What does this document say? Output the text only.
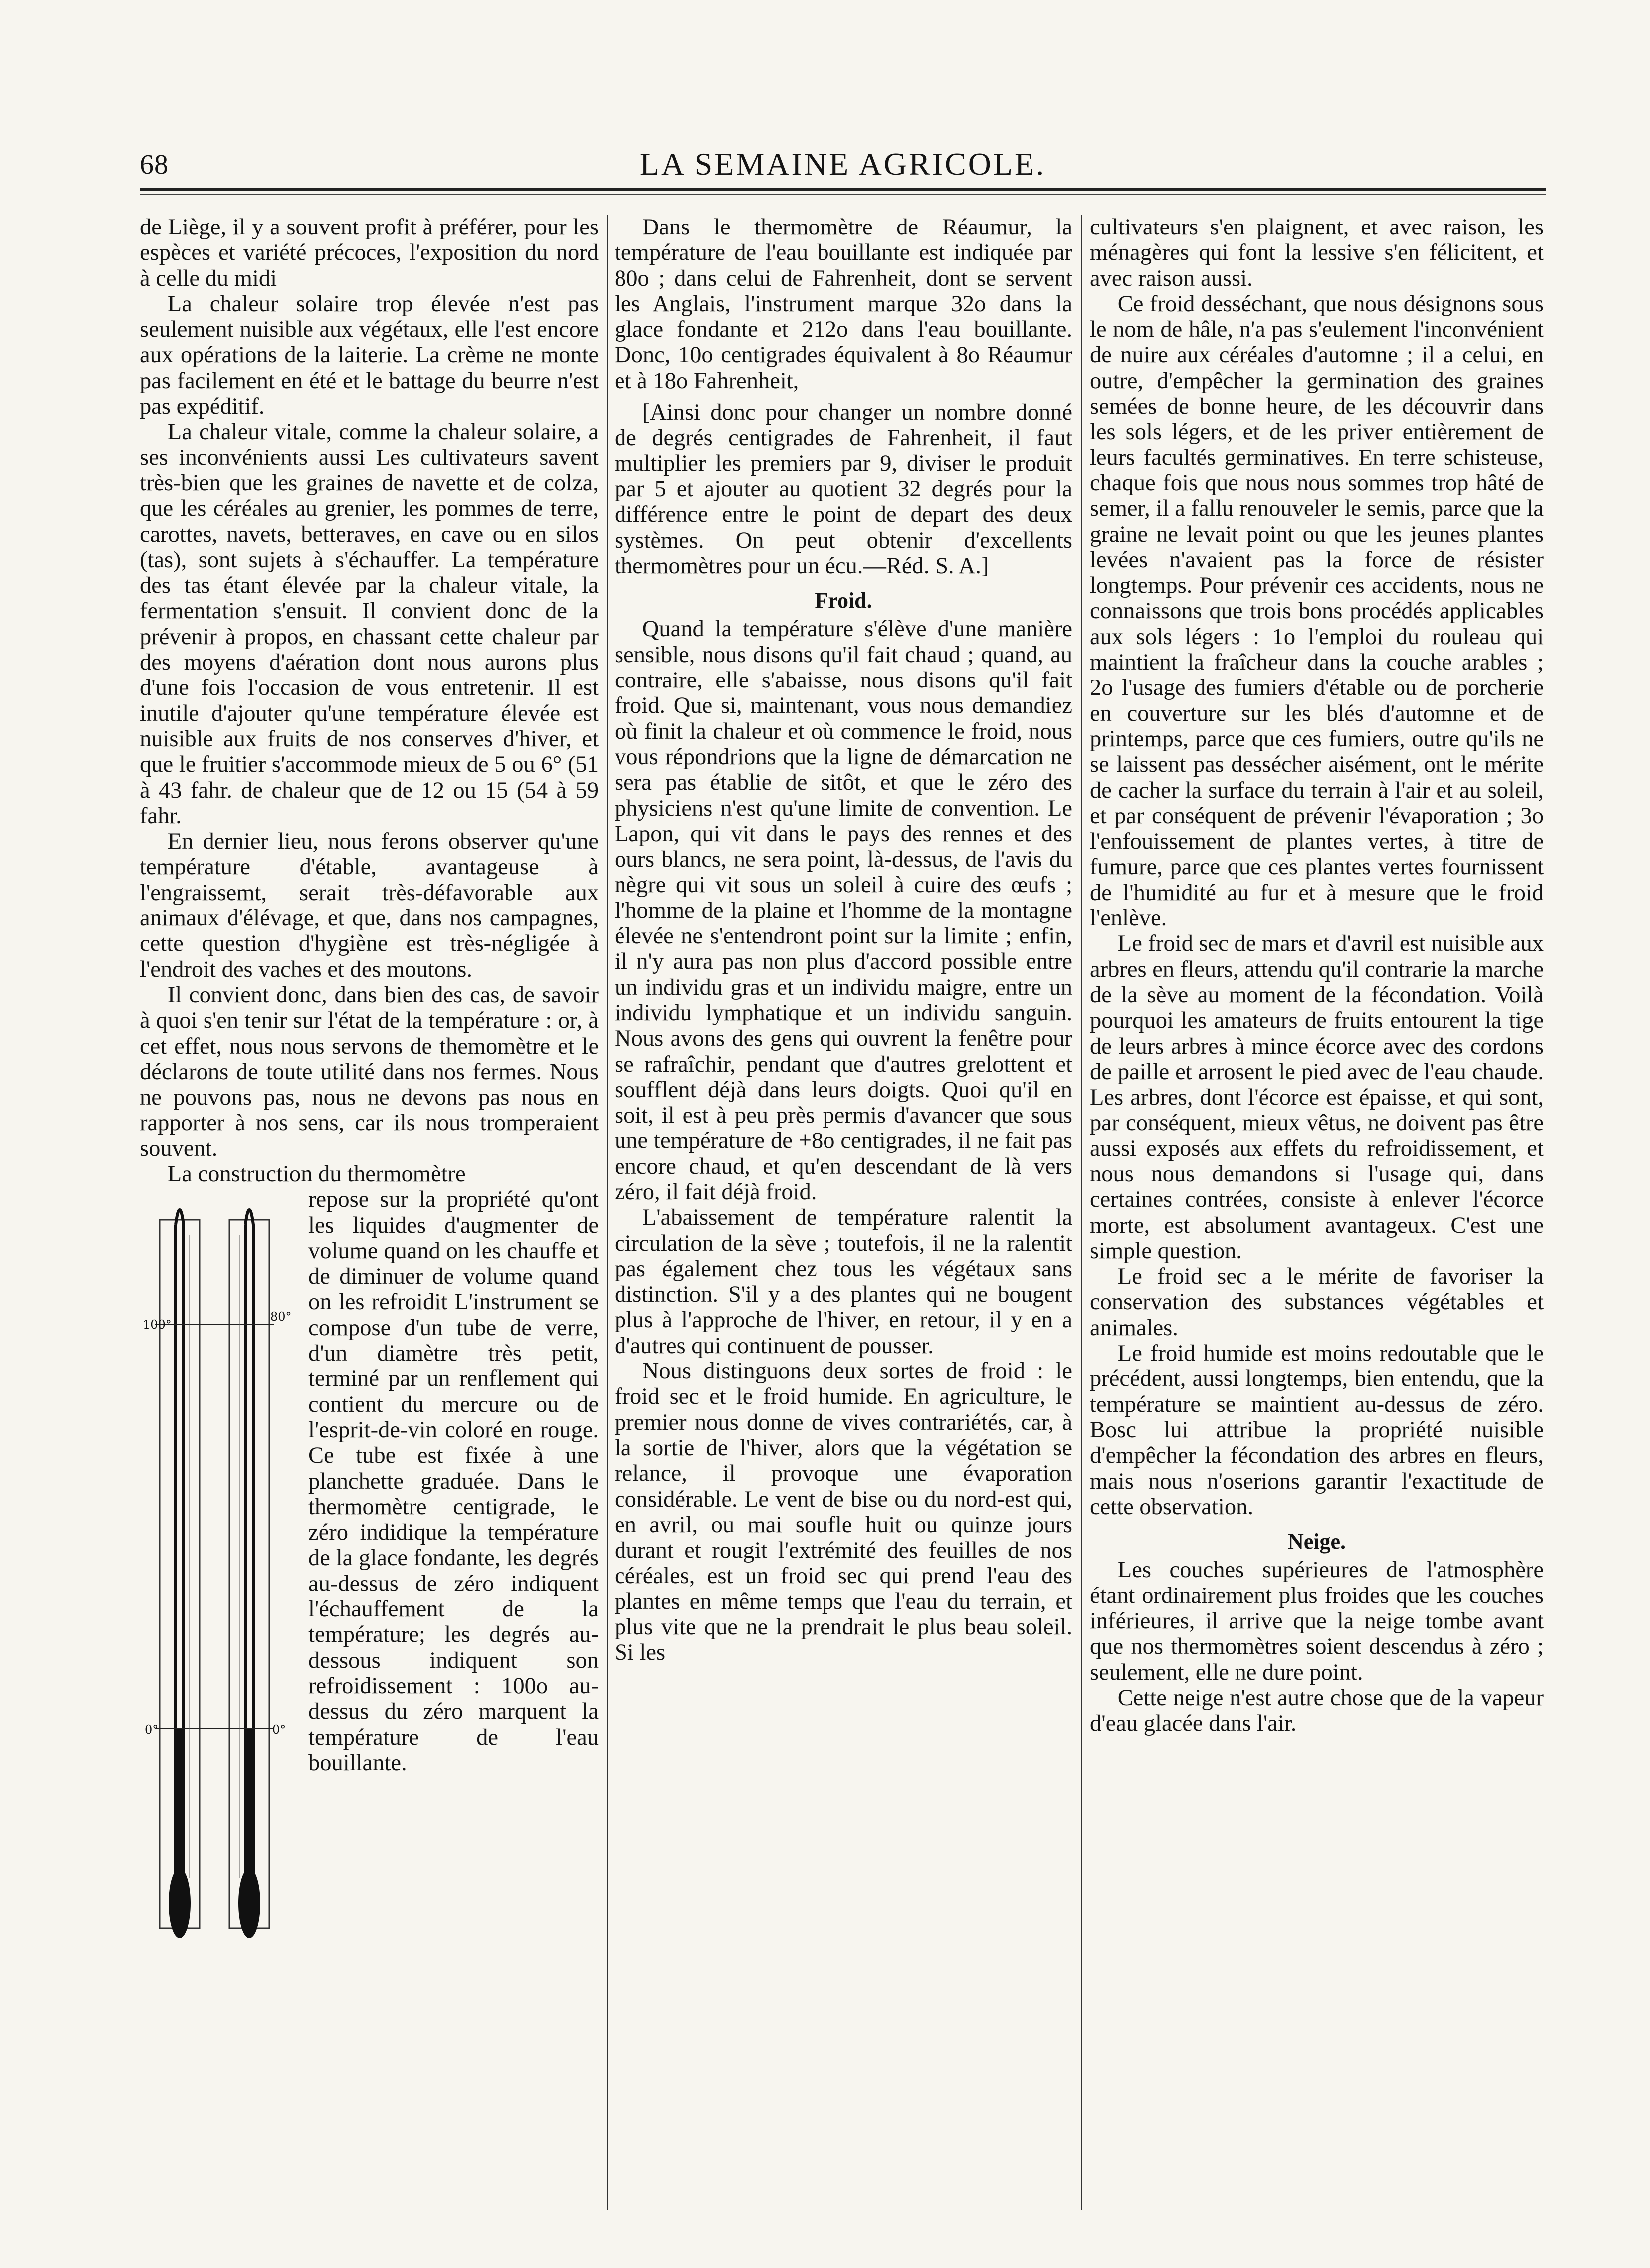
68	LA SEMAINE AGRICOLE.

de Liège, il y a souvent profit à préférer, pour les espèces et variété précoces, l'exposition du nord à celle du midi

La chaleur solaire trop élevée n'est pas seulement nuisible aux végétaux, elle l'est encore aux opérations de la laiterie. La crème ne monte pas facilement en été et le battage du beurre n'est pas expéditif.

La chaleur vitale, comme la chaleur solaire, a ses inconvénients aussi Les cultivateurs savent très-bien que les graines de navette et de colza, que les céréales au grenier, les pommes de terre, carottes, navets, betteraves, en cave ou en silos (tas), sont sujets à s'échauffer. La température des tas étant élevée par la chaleur vitale, la fermentation s'ensuit. Il convient donc de la prévenir à propos, en chassant cette chaleur par des moyens d'aération dont nous aurons plus d'une fois l'occasion de vous entretenir. Il est inutile d'ajouter qu'une température élevée est nuisible aux fruits de nos conserves d'hiver, et que le fruitier s'accommode mieux de 5 ou 6° (51 à 43 fahr. de chaleur que de 12 ou 15 (54 à 59 fahr.

En dernier lieu, nous ferons observer qu'une température d'étable, avantageuse à l'engraissemt, serait très-défavorable aux animaux d'élévage, et que, dans nos campagnes, cette question d'hygiène est très-négligée à l'endroit des vaches et des moutons.

Il convient donc, dans bien des cas, de savoir à quoi s'en tenir sur l'état de la température : or, à cet effet, nous nous servons de themomètre et le déclarons de toute utilité dans nos fermes. Nous ne pouvons pas, nous ne devons pas nous en rapporter à nos sens, car ils nous tromperaient souvent.

La construction du thermomètre

100°
80°
0°	0°

repose sur la propriété qu'ont les liquides d'augmenter de volume quand on les chauffe et de diminuer de volume quand on les refroidit L'instrument se compose d'un tube de verre, d'un diamètre très petit, terminé par un renflement qui contient du mercure ou de l'esprit-de-vin coloré en rouge. Ce tube est fixée à une planchette graduée. Dans le thermomètre centigrade, le zéro indidique la température de la glace fondante, les degrés au-dessus de zéro indiquent l'échauffement de la température; les degrés au-dessous indiquent son refroidissement : 100o au-dessus du zéro marquent la température de l'eau bouillante.

Dans le thermomètre de Réaumur, la température de l'eau bouillante est indiquée par 80o ; dans celui de Fahrenheit, dont se servent les Anglais, l'instrument marque 32o dans la glace fondante et 212o dans l'eau bouillante. Donc, 10o centigrades équivalent à 8o Réaumur et à 18o Fahrenheit,

[Ainsi donc pour changer un nombre donné de degrés centigrades de Fahrenheit, il faut multiplier les premiers par 9, diviser le produit par 5 et ajouter au quotient 32 degrés pour la différence entre le point de depart des deux systèmes. On peut obtenir d'excellents thermomètres pour un écu.—Réd. S. A.]

Froid.

Quand la température s'élève d'une manière sensible, nous disons qu'il fait chaud ; quand, au contraire, elle s'abaisse, nous disons qu'il fait froid. Que si, maintenant, vous nous demandiez où finit la chaleur et où commence le froid, nous vous répondrions que la ligne de démarcation ne sera pas établie de sitôt, et que le zéro des physiciens n'est qu'une limite de convention. Le Lapon, qui vit dans le pays des rennes et des ours blancs, ne sera point, là-dessus, de l'avis du nègre qui vit sous un soleil à cuire des œufs ; l'homme de la plaine et l'homme de la montagne élevée ne s'entendront point sur la limite ; enfin, il n'y aura pas non plus d'accord possible entre un individu gras et un individu maigre, entre un individu lymphatique et un individu sanguin. Nous avons des gens qui ouvrent la fenêtre pour se rafraîchir, pendant que d'autres grelottent et soufflent déjà dans leurs doigts. Quoi qu'il en soit, il est à peu près permis d'avancer que sous une température de +8o centigrades, il ne fait pas encore chaud, et qu'en descendant de là vers zéro, il fait déjà froid.

L'abaissement de température ralentit la circulation de la sève ; toutefois, il ne la ralentit pas également chez tous les végétaux sans distinction. S'il y a des plantes qui ne bougent plus à l'approche de l'hiver, en retour, il y en a d'autres qui continuent de pousser.

Nous distinguons deux sortes de froid : le froid sec et le froid humide. En agriculture, le premier nous donne de vives contrariétés, car, à la sortie de l'hiver, alors que la végétation se relance, il provoque une évaporation considérable. Le vent de bise ou du nord-est qui, en avril, ou mai soufle huit ou quinze jours durant et rougit l'extrémité des feuilles de nos céréales, est un froid sec qui prend l'eau des plantes en même temps que l'eau du terrain, et plus vite que ne la prendrait le plus beau soleil. Si les

cultivateurs s'en plaignent, et avec raison, les ménagères qui font la lessive s'en félicitent, et avec raison aussi.

Ce froid desséchant, que nous désignons sous le nom de hâle, n'a pas s'eulement l'inconvénient de nuire aux céréales d'automne ; il a celui, en outre, d'empêcher la germination des graines semées de bonne heure, de les découvrir dans les sols légers, et de les priver entièrement de leurs facultés germinatives. En terre schisteuse, chaque fois que nous nous sommes trop hâté de semer, il a fallu renouveler le semis, parce que la graine ne levait point ou que les jeunes plantes levées n'avaient pas la force de résister longtemps. Pour prévenir ces accidents, nous ne connaissons que trois bons procédés applicables aux sols légers : 1o l'emploi du rouleau qui maintient la fraîcheur dans la couche arables ; 2o l'usage des fumiers d'étable ou de porcherie en couverture sur les blés d'automne et de printemps, parce que ces fumiers, outre qu'ils ne se laissent pas dessécher aisément, ont le mérite de cacher la surface du terrain à l'air et au soleil, et par conséquent de prévenir l'évaporation ; 3o l'enfouissement de plantes vertes, à titre de fumure, parce que ces plantes vertes fournissent de l'humidité au fur et à mesure que le froid l'enlève.

Le froid sec de mars et d'avril est nuisible aux arbres en fleurs, attendu qu'il contrarie la marche de la sève au moment de la fécondation. Voilà pourquoi les amateurs de fruits entourent la tige de leurs arbres à mince écorce avec des cordons de paille et arrosent le pied avec de l'eau chaude. Les arbres, dont l'écorce est épaisse, et qui sont, par conséquent, mieux vêtus, ne doivent pas être aussi exposés aux effets du refroidissement, et nous nous demandons si l'usage qui, dans certaines contrées, consiste à enlever l'écorce morte, est absolument avantageux. C'est une simple question.

Le froid sec a le mérite de favoriser la conservation des substances végétables et animales.

Le froid humide est moins redoutable que le précédent, aussi longtemps, bien entendu, que la température se maintient au-dessus de zéro. Bosc lui attribue la propriété nuisible d'empêcher la fécondation des arbres en fleurs, mais nous n'oserions garantir l'exactitude de cette observation.

Neige.

Les couches supérieures de l'atmosphère étant ordinairement plus froides que les couches inférieures, il arrive que la neige tombe avant que nos thermomètres soient descendus à zéro ; seulement, elle ne dure point.

Cette neige n'est autre chose que de la vapeur d'eau glacée dans l'air.
